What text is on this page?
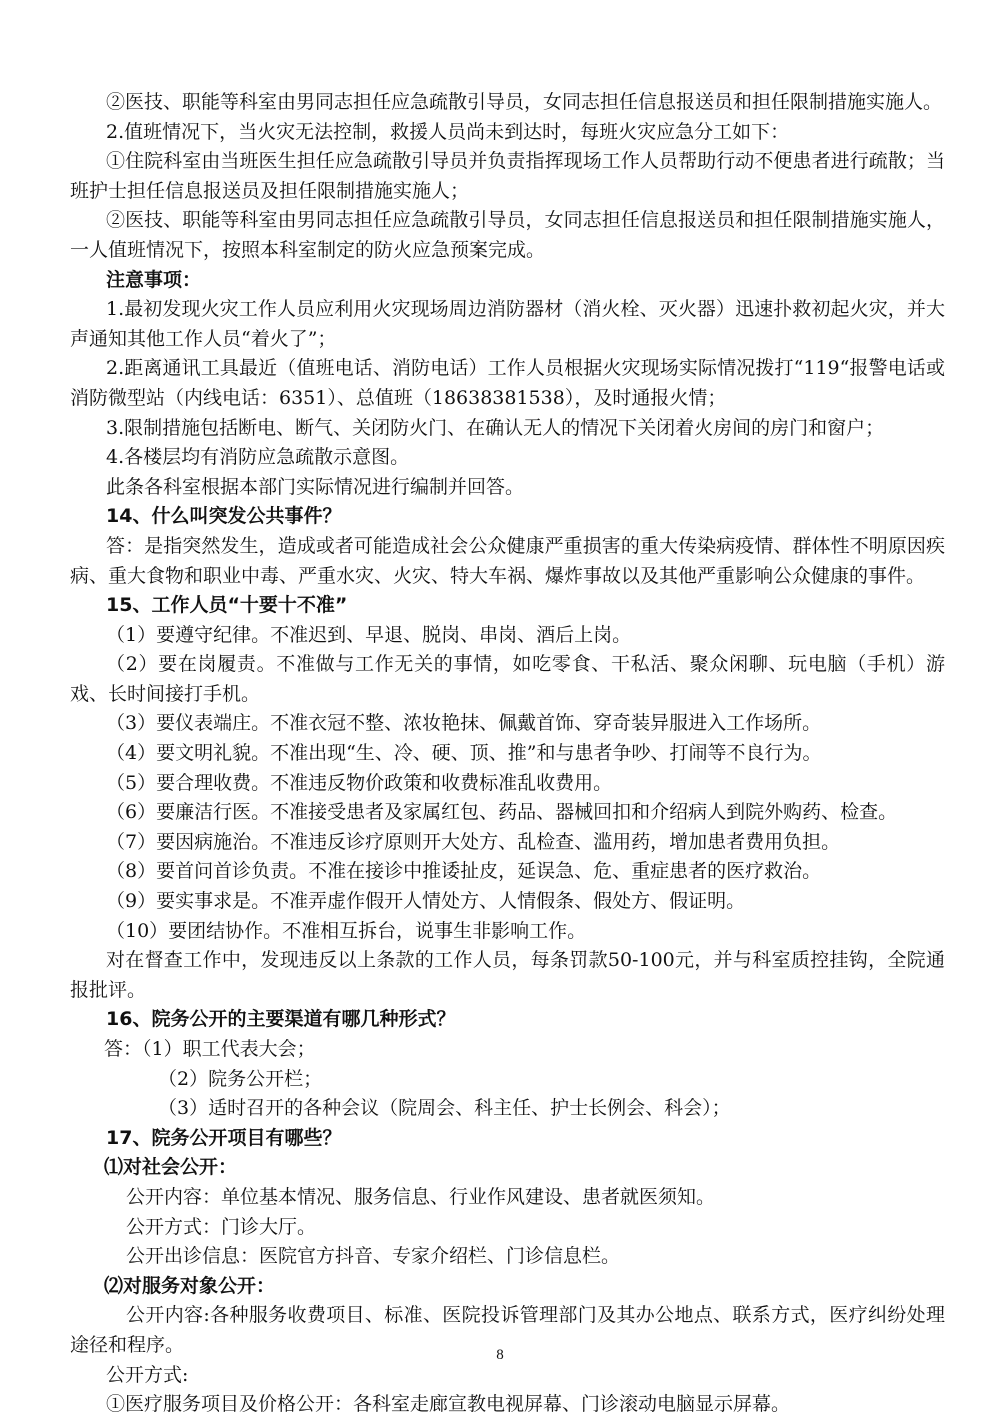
②医技、职能等科室由男同志担任应急疏散引导员，女同志担任信息报送员和担任限制措施实施人。

2.值班情况下，当火灾无法控制，救援人员尚未到达时，每班火灾应急分工如下：

①住院科室由当班医生担任应急疏散引导员并负责指挥现场工作人员帮助行动不便患者进行疏散；当班护士担任信息报送员及担任限制措施实施人；

②医技、职能等科室由男同志担任应急疏散引导员，女同志担任信息报送员和担任限制措施实施人，一人值班情况下，按照本科室制定的防火应急预案完成。

注意事项：

1.最初发现火灾工作人员应利用火灾现场周边消防器材（消火栓、灭火器）迅速扑救初起火灾，并大声通知其他工作人员“着火了”；

2.距离通讯工具最近（值班电话、消防电话）工作人员根据火灾现场实际情况拨打“119“报警电话或消防微型站（内线电话：6351）、总值班（18638381538），及时通报火情；

3.限制措施包括断电、断气、关闭防火门、在确认无人的情况下关闭着火房间的房门和窗户；

4.各楼层均有消防应急疏散示意图。

此条各科室根据本部门实际情况进行编制并回答。

14、什么叫突发公共事件？

答：是指突然发生，造成或者可能造成社会公众健康严重损害的重大传染病疫情、群体性不明原因疾病、重大食物和职业中毒、严重水灾、火灾、特大车祸、爆炸事故以及其他严重影响公众健康的事件。

15、工作人员“十要十不准”

（1）要遵守纪律。不准迟到、早退、脱岗、串岗、酒后上岗。

（2）要在岗履责。不准做与工作无关的事情，如吃零食、干私活、聚众闲聊、玩电脑（手机）游戏、长时间接打手机。

（3）要仪表端庄。不准衣冠不整、浓妆艳抹、佩戴首饰、穿奇装异服进入工作场所。

（4）要文明礼貌。不准出现“生、冷、硬、顶、推”和与患者争吵、打闹等不良行为。

（5）要合理收费。不准违反物价政策和收费标准乱收费用。

（6）要廉洁行医。不准接受患者及家属红包、药品、器械回扣和介绍病人到院外购药、检查。

（7）要因病施治。不准违反诊疗原则开大处方、乱检查、滥用药，增加患者费用负担。

（8）要首问首诊负责。不准在接诊中推诿扯皮，延误急、危、重症患者的医疗救治。

（9）要实事求是。不准弄虚作假开人情处方、人情假条、假处方、假证明。

（10）要团结协作。不准相互拆台，说事生非影响工作。

对在督查工作中，发现违反以上条款的工作人员，每条罚款50-100元，并与科室质控挂钩，全院通报批评。

16、院务公开的主要渠道有哪几种形式？

答：（1）职工代表大会；

（2）院务公开栏；

（3）适时召开的各种会议（院周会、科主任、护士长例会、科会）；

17、院务公开项目有哪些？

⑴对社会公开：

公开内容：单位基本情况、服务信息、行业作风建设、患者就医须知。

公开方式：门诊大厅。

公开出诊信息：医院官方抖音、专家介绍栏、门诊信息栏。

⑵对服务对象公开：

公开内容:各种服务收费项目、标准、医院投诉管理部门及其办公地点、联系方式，医疗纠纷处理途径和程序。

公开方式:

①医疗服务项目及价格公开：各科室走廊宣教电视屏幕、门诊滚动电脑显示屏幕。

8
